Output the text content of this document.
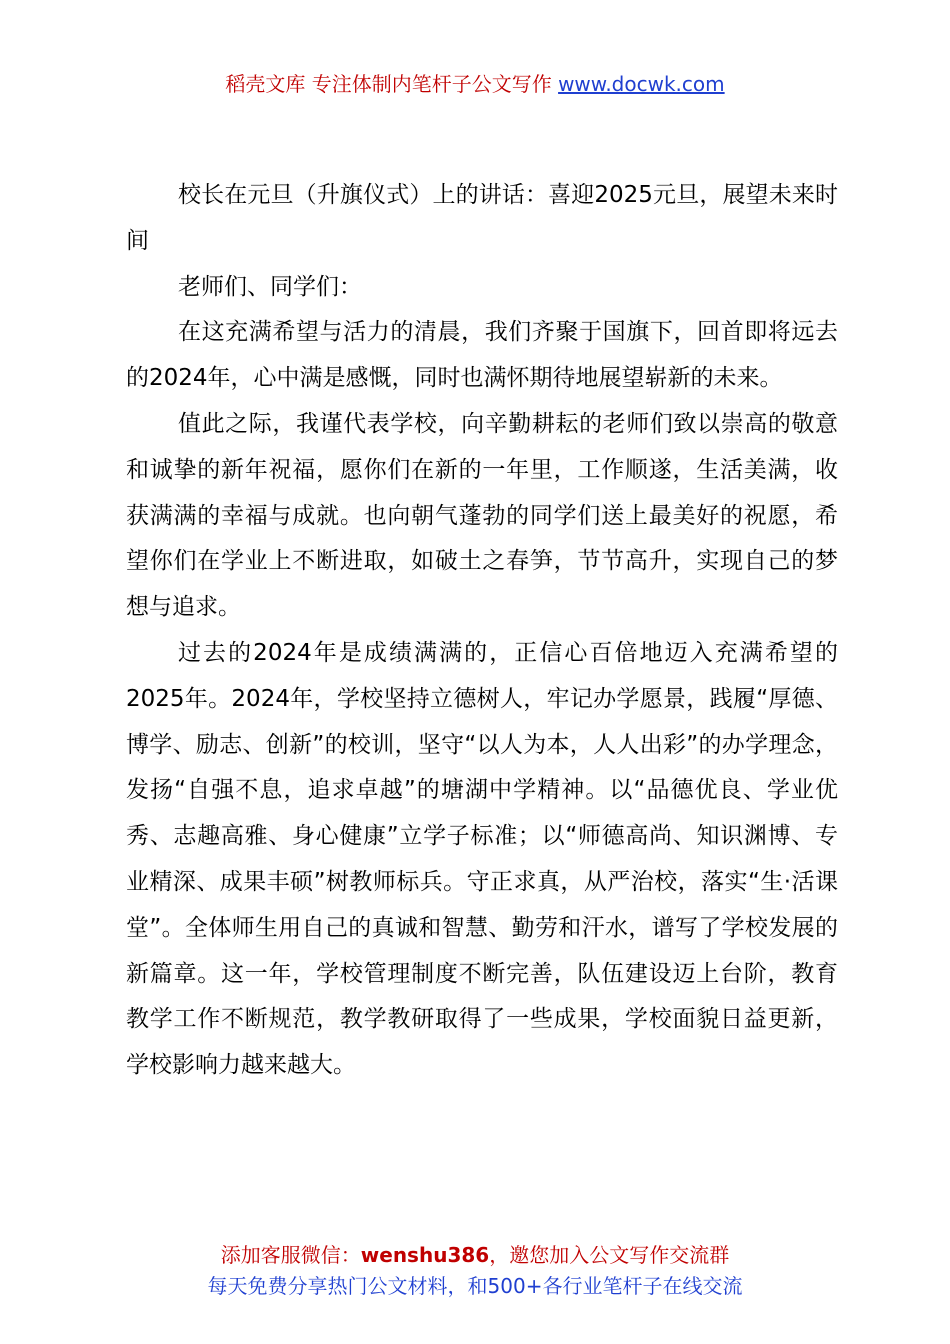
稻壳文库 专注体制内笔杆子公文写作 www.docwk.com

校长在元旦（升旗仪式）上的讲话：喜迎2025元旦，展望未来时间

老师们、同学们：

在这充满希望与活力的清晨，我们齐聚于国旗下，回首即将远去的2024年，心中满是感慨，同时也满怀期待地展望崭新的未来。

值此之际，我谨代表学校，向辛勤耕耘的老师们致以崇高的敬意和诚挚的新年祝福，愿你们在新的一年里，工作顺遂，生活美满，收获满满的幸福与成就。也向朝气蓬勃的同学们送上最美好的祝愿，希望你们在学业上不断进取，如破土之春笋，节节高升，实现自己的梦想与追求。

过去的2024年是成绩满满的，正信心百倍地迈入充满希望的2025年。2024年，学校坚持立德树人，牢记办学愿景，践履“厚德、博学、励志、创新”的校训，坚守“以人为本，人人出彩”的办学理念，发扬“自强不息，追求卓越”的塘湖中学精神。以“品德优良、学业优秀、志趣高雅、身心健康”立学子标准；以“师德高尚、知识渊博、专业精深、成果丰硕”树教师标兵。守正求真，从严治校，落实“生·活课堂”。全体师生用自己的真诚和智慧、勤劳和汗水，谱写了学校发展的新篇章。这一年，学校管理制度不断完善，队伍建设迈上台阶，教育教学工作不断规范，教学教研取得了一些成果，学校面貌日益更新，学校影响力越来越大。

添加客服微信：wenshu386，邀您加入公文写作交流群
每天免费分享热门公文材料，和500+各行业笔杆子在线交流
